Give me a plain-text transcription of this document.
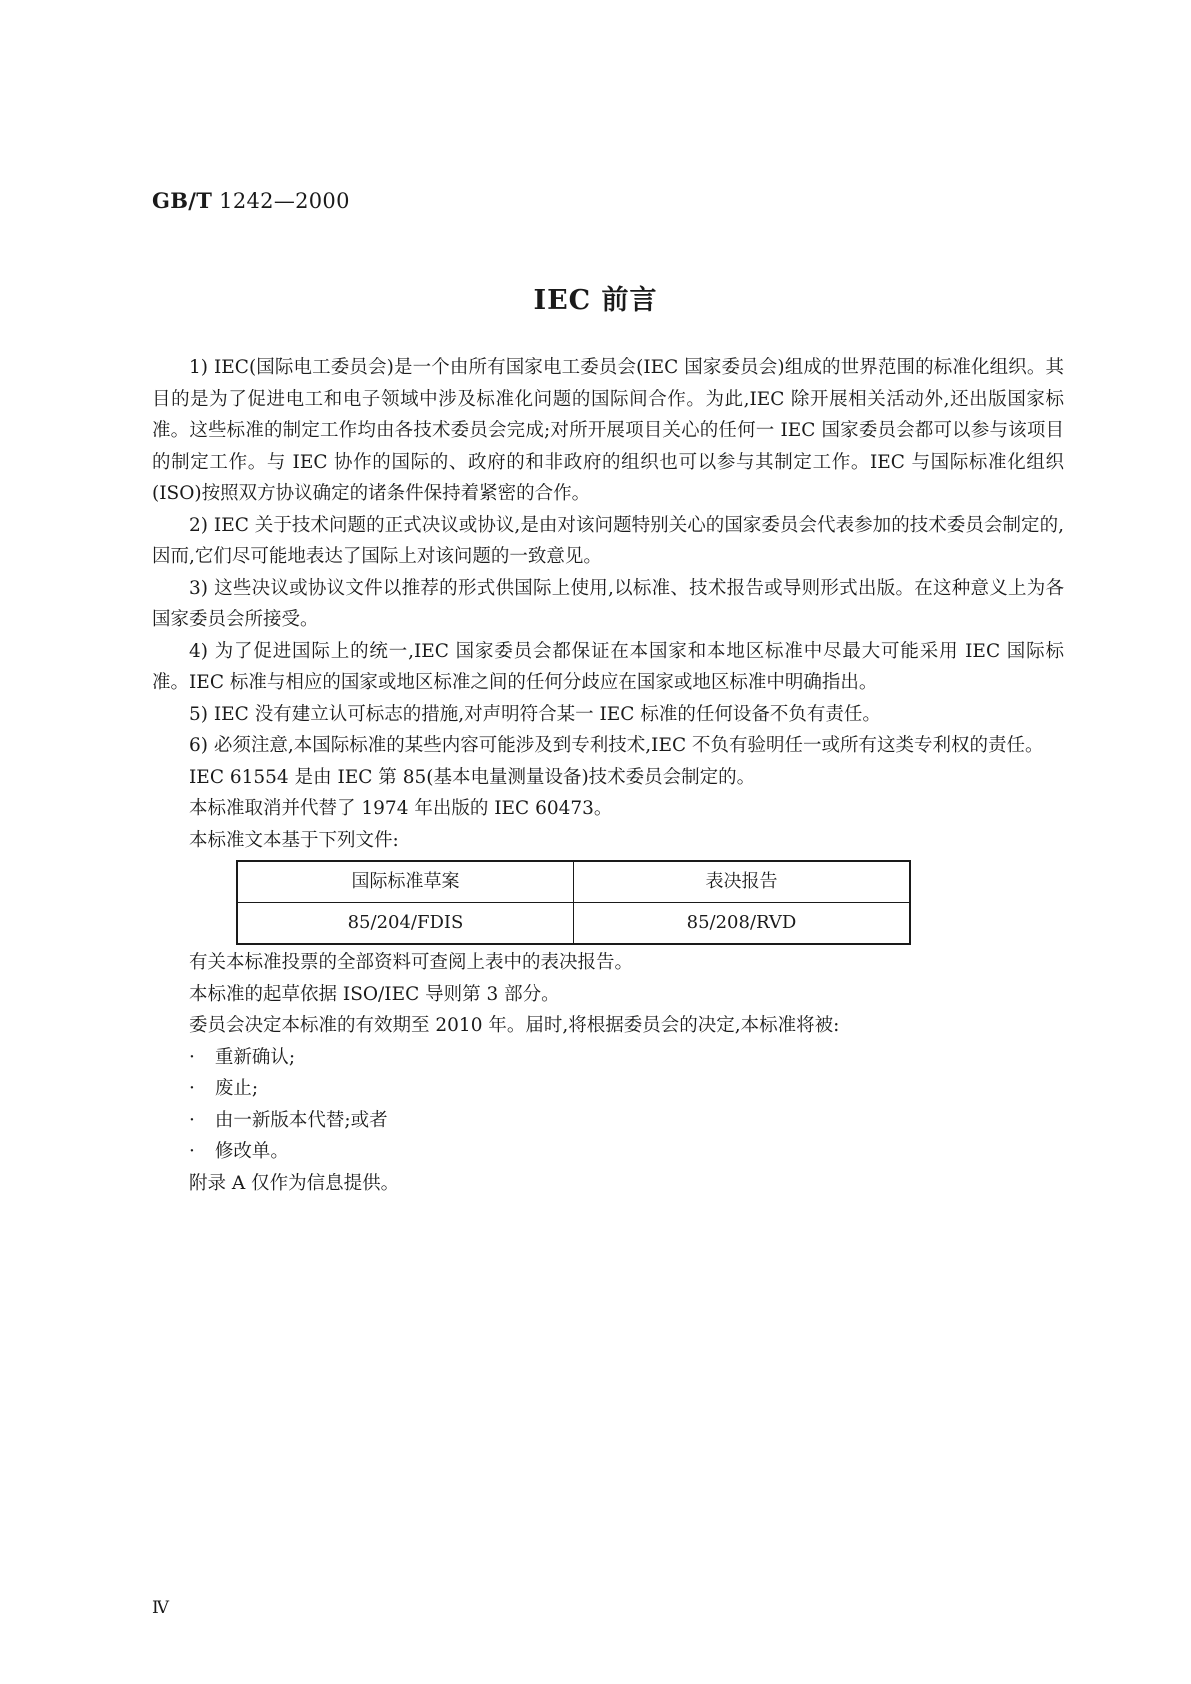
GB/T 1242—2000
IEC 前言

1) IEC(国际电工委员会)是一个由所有国家电工委员会(IEC 国家委员会)组成的世界范围的标准化组织。其目的是为了促进电工和电子领域中涉及标准化问题的国际间合作。为此,IEC 除开展相关活动外,还出版国家标准。这些标准的制定工作均由各技术委员会完成;对所开展项目关心的任何一 IEC 国家委员会都可以参与该项目的制定工作。与 IEC 协作的国际的、政府的和非政府的组织也可以参与其制定工作。IEC 与国际标准化组织(ISO)按照双方协议确定的诸条件保持着紧密的合作。

2) IEC 关于技术问题的正式决议或协议,是由对该问题特别关心的国家委员会代表参加的技术委员会制定的,因而,它们尽可能地表达了国际上对该问题的一致意见。

3) 这些决议或协议文件以推荐的形式供国际上使用,以标准、技术报告或导则形式出版。在这种意义上为各国家委员会所接受。

4) 为了促进国际上的统一,IEC 国家委员会都保证在本国家和本地区标准中尽最大可能采用 IEC 国际标准。IEC 标准与相应的国家或地区标准之间的任何分歧应在国家或地区标准中明确指出。

5) IEC 没有建立认可标志的措施,对声明符合某一 IEC 标准的任何设备不负有责任。

6) 必须注意,本国际标准的某些内容可能涉及到专利技术,IEC 不负有验明任一或所有这类专利权的责任。

IEC 61554 是由 IEC 第 85(基本电量测量设备)技术委员会制定的。

本标准取消并代替了 1974 年出版的 IEC 60473。

本标准文本基于下列文件:

国际标准草案	表决报告
85/204/FDIS	85/208/RVD

有关本标准投票的全部资料可查阅上表中的表决报告。

本标准的起草依据 ISO/IEC 导则第 3 部分。

委员会决定本标准的有效期至 2010 年。届时,将根据委员会的决定,本标准将被:

· 重新确认;

· 废止;

· 由一新版本代替;或者

· 修改单。

附录 A 仅作为信息提供。

Ⅳ
